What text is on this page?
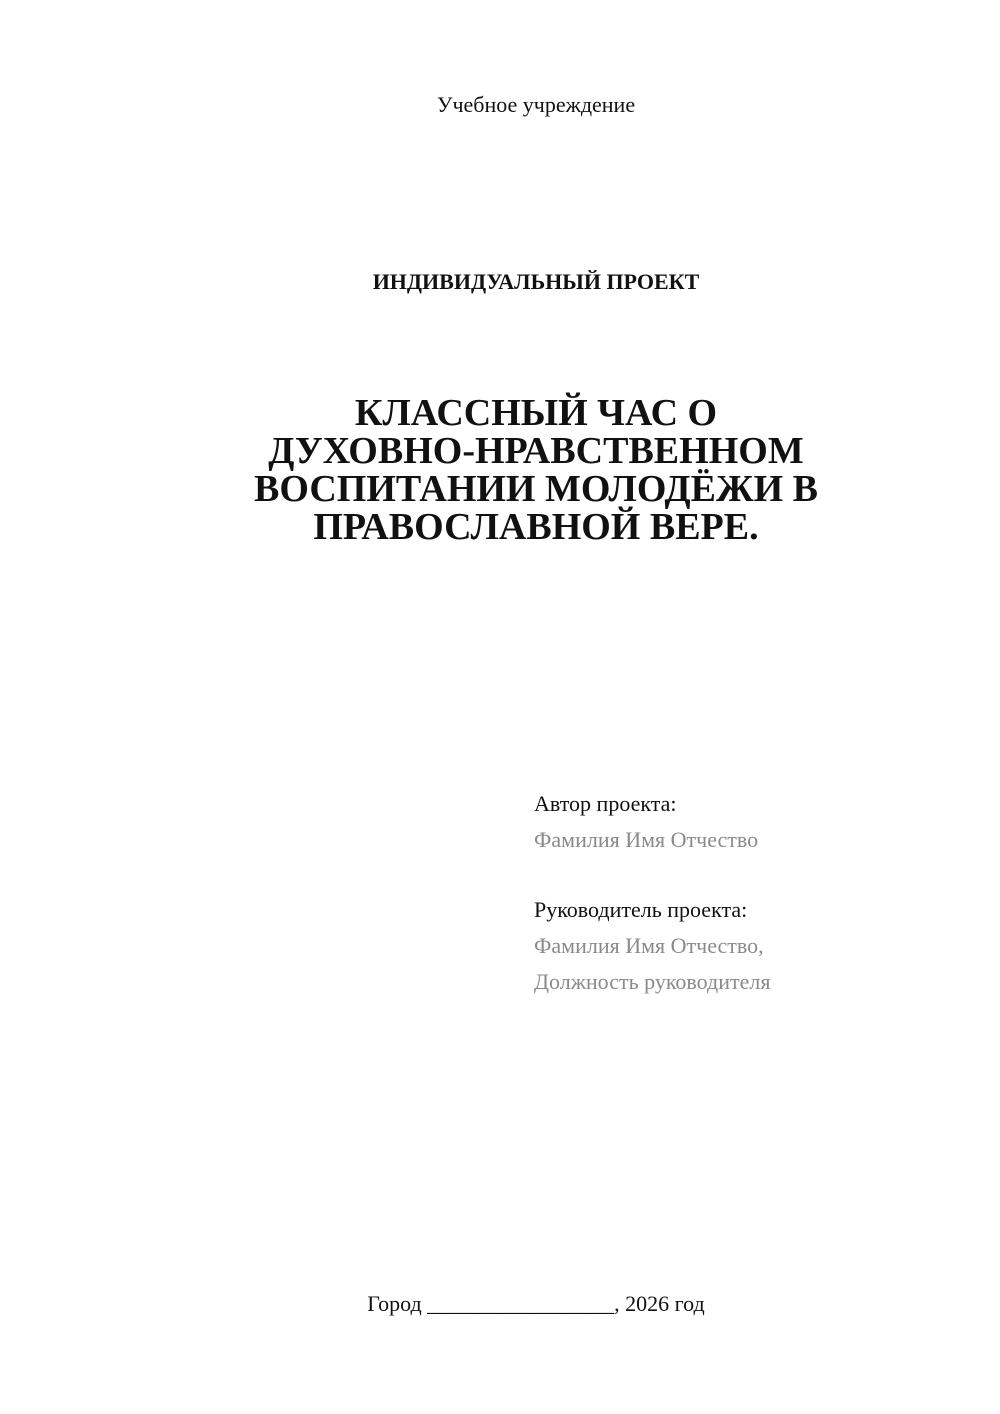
Учебное учреждение
ИНДИВИДУАЛЬНЫЙ ПРОЕКТ
КЛАССНЫЙ ЧАС О
ДУХОВНО-НРАВСТВЕННОМ
ВОСПИТАНИИ МОЛОДЁЖИ В
ПРАВОСЛАВНОЙ ВЕРЕ.
Автор проекта:
Фамилия Имя Отчество
Руководитель проекта:
Фамилия Имя Отчество,
Должность руководителя
Город _________________, 2026 год
